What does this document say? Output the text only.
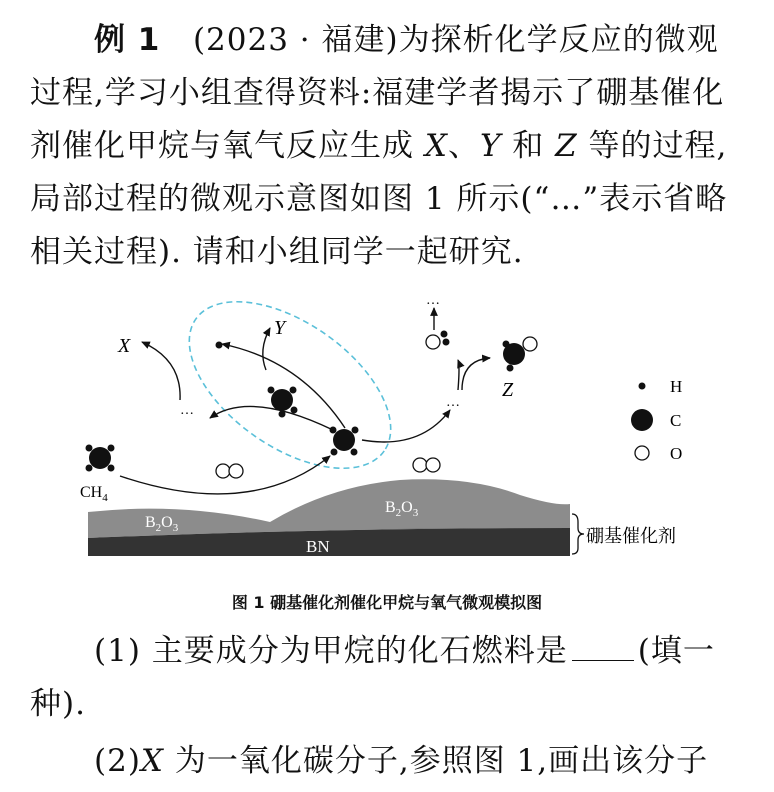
例 1 (2023 · 福建)为探析化学反应的微观过程,学习小组查得资料:福建学者揭示了硼基催化剂催化甲烷与氧气反应生成 X、Y 和 Z 等的过程,局部过程的微观示意图如图 1 所示(“…”表示省略相关过程). 请和小组同学一起研究.
$B_2O_3$
$B_2O_3$
BN
硼基催化剂
…
…
…
$CH_4$
X
Y
Z	H
C
O
图 1 硼基催化剂催化甲烷与氧气微观模拟图
(1) 主要成分为甲烷的化石燃料是 (填一种).
(2)X 为一氧化碳分子,参照图 1,画出该分子
